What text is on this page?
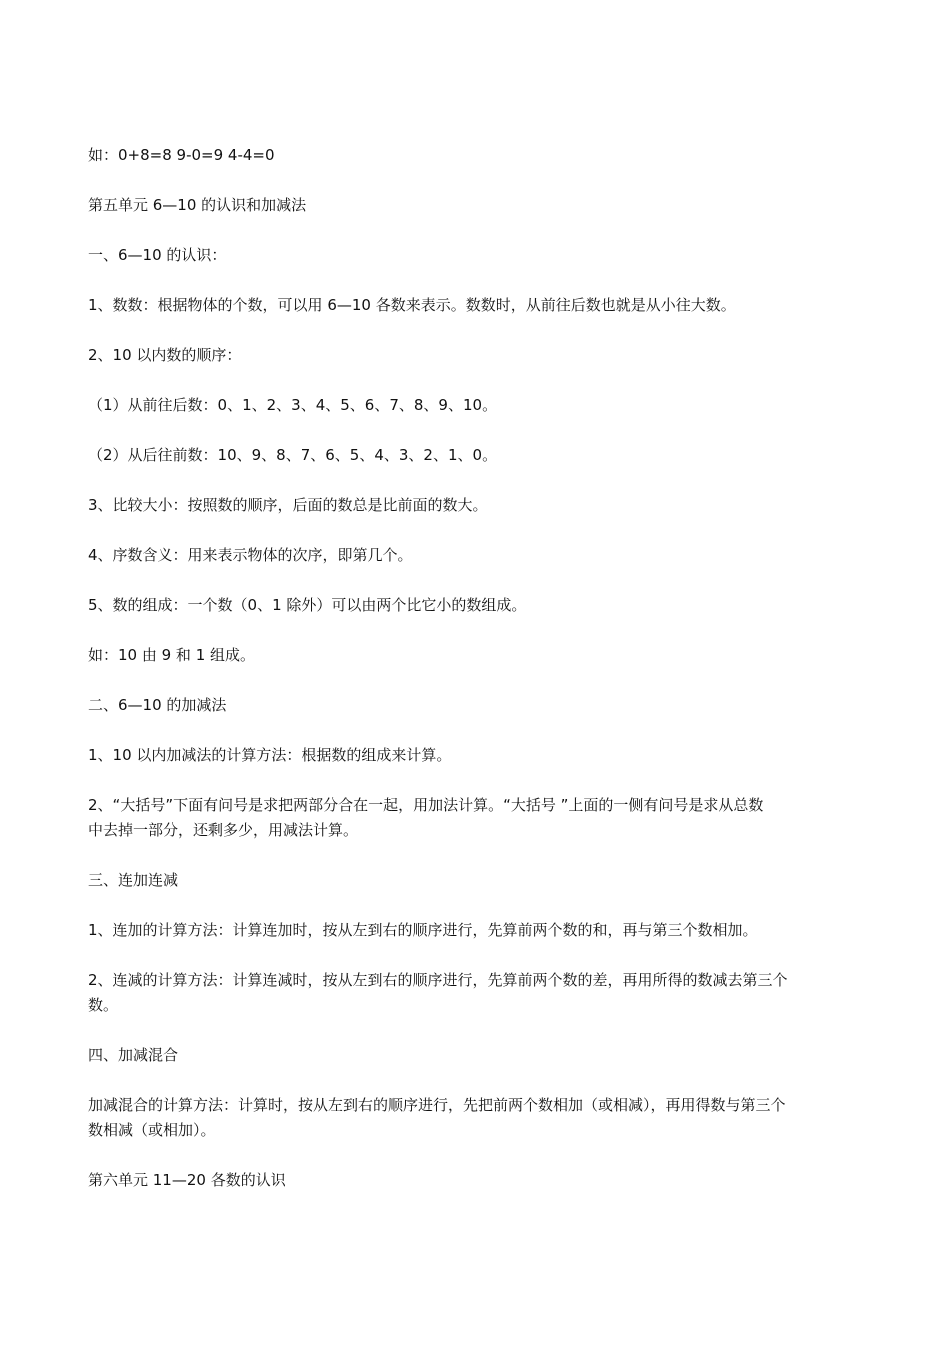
如：0+8=8 9-0=9 4-4=0
第五单元 6—10 的认识和加减法
一、6—10 的认识：
1、数数：根据物体的个数，可以用 6—10 各数来表示。数数时，从前往后数也就是从小往大数。
2、10 以内数的顺序：
（1）从前往后数：0、1、2、3、4、5、6、7、8、9、10。
（2）从后往前数：10、9、8、7、6、5、4、3、2、1、0。
3、比较大小：按照数的顺序，后面的数总是比前面的数大。
4、序数含义：用来表示物体的次序，即第几个。
5、数的组成：一个数（0、1 除外）可以由两个比它小的数组成。
如：10 由 9 和 1 组成。
二、6—10 的加减法
1、10 以内加减法的计算方法：根据数的组成来计算。
2、“大括号”下面有问号是求把两部分合在一起，用加法计算。“大括号 ”上面的一侧有问号是求从总数
中去掉一部分，还剩多少，用减法计算。
三、连加连减
1、连加的计算方法：计算连加时，按从左到右的顺序进行，先算前两个数的和，再与第三个数相加。
2、连减的计算方法：计算连减时，按从左到右的顺序进行，先算前两个数的差，再用所得的数减去第三个
数。
四、加减混合
加减混合的计算方法：计算时，按从左到右的顺序进行，先把前两个数相加（或相减），再用得数与第三个
数相减（或相加）。
第六单元 11—20 各数的认识
